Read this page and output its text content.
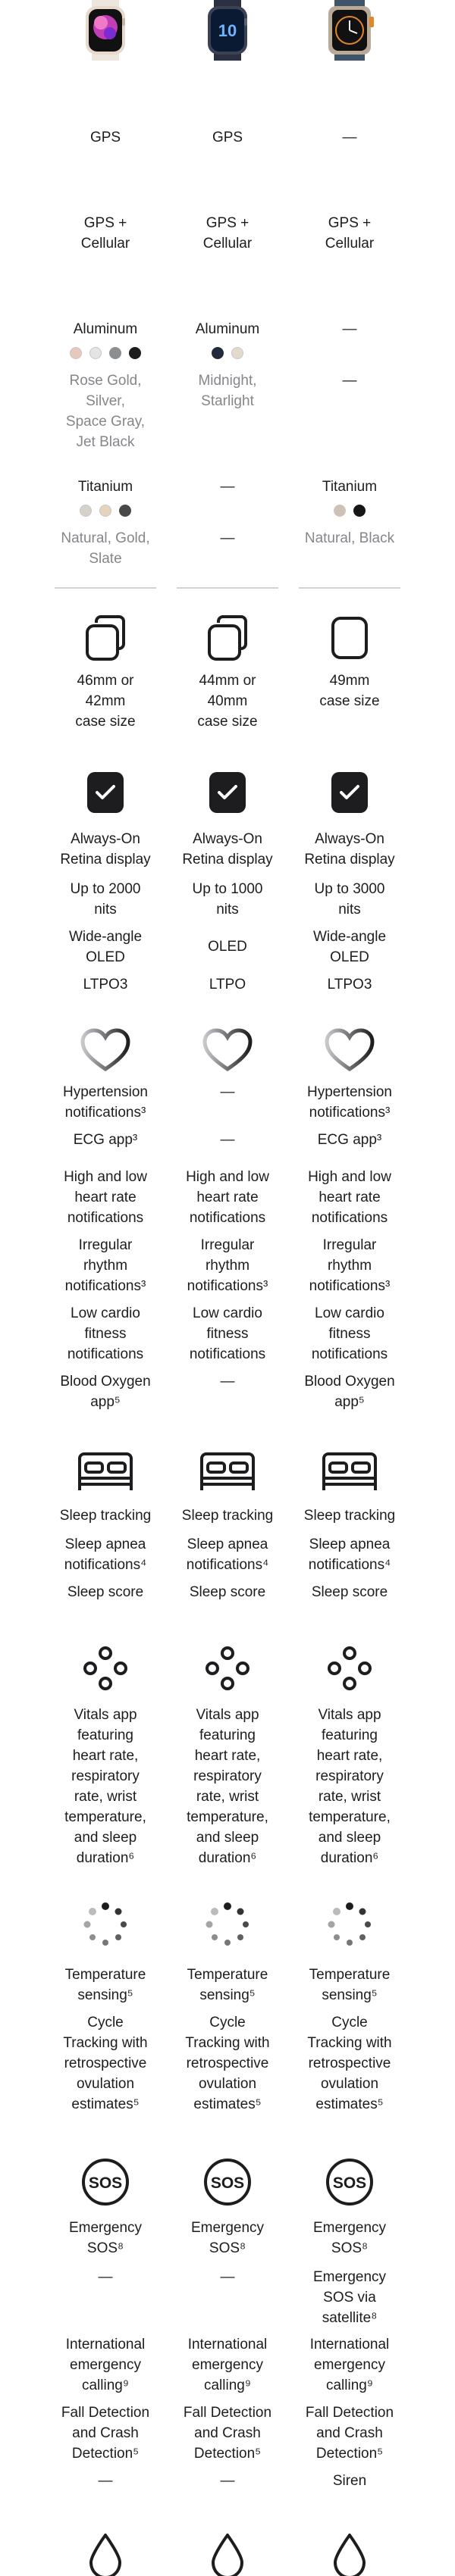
GPS
GPS +
Cellular
Aluminum
Rose Gold,
Silver,
Space Gray,
Jet Black
Titanium
Natural, Gold,
Slate
46mm or
42mm
case size
Always-On
Retina display
Up to 2000
nits
Wide-angle
OLED
LTPO3
Hypertension
notifications³
ECG app³
High and low
heart rate
notifications
Irregular
rhythm
notifications³
Low cardio
fitness
notifications
Blood Oxygen
app⁵
Sleep tracking
Sleep apnea
notifications⁴
Sleep score
Vitals app
featuring
heart rate,
respiratory
rate, wrist
temperature,
and sleep
duration⁶
Temperature
sensing⁵
Cycle
Tracking with
retrospective
ovulation
estimates⁵
SOS
Emergency
SOS⁸
—
International
emergency
calling⁹
Fall Detection
and Crash
Detection⁵
—
10
GPS
GPS +
Cellular
Aluminum
Midnight,
Starlight
—
—
44mm or
40mm
case size
Always-On
Retina display
Up to 1000
nits
OLED
LTPO
—
—
High and low
heart rate
notifications
Irregular
rhythm
notifications³
Low cardio
fitness
notifications
—
Sleep tracking
Sleep apnea
notifications⁴
Sleep score
Vitals app
featuring
heart rate,
respiratory
rate, wrist
temperature,
and sleep
duration⁶
Temperature
sensing⁵
Cycle
Tracking with
retrospective
ovulation
estimates⁵
SOS
Emergency
SOS⁸
—
International
emergency
calling⁹
Fall Detection
and Crash
Detection⁵
—
—
GPS +
Cellular
—
—
Titanium
Natural, Black
49mm
case size
Always-On
Retina display
Up to 3000
nits
Wide-angle
OLED
LTPO3
Hypertension
notifications³
ECG app³
High and low
heart rate
notifications
Irregular
rhythm
notifications³
Low cardio
fitness
notifications
Blood Oxygen
app⁵
Sleep tracking
Sleep apnea
notifications⁴
Sleep score
Vitals app
featuring
heart rate,
respiratory
rate, wrist
temperature,
and sleep
duration⁶
Temperature
sensing⁵
Cycle
Tracking with
retrospective
ovulation
estimates⁵
SOS
Emergency
SOS⁸
Emergency
SOS via
satellite⁸
International
emergency
calling⁹
Fall Detection
and Crash
Detection⁵
Siren
